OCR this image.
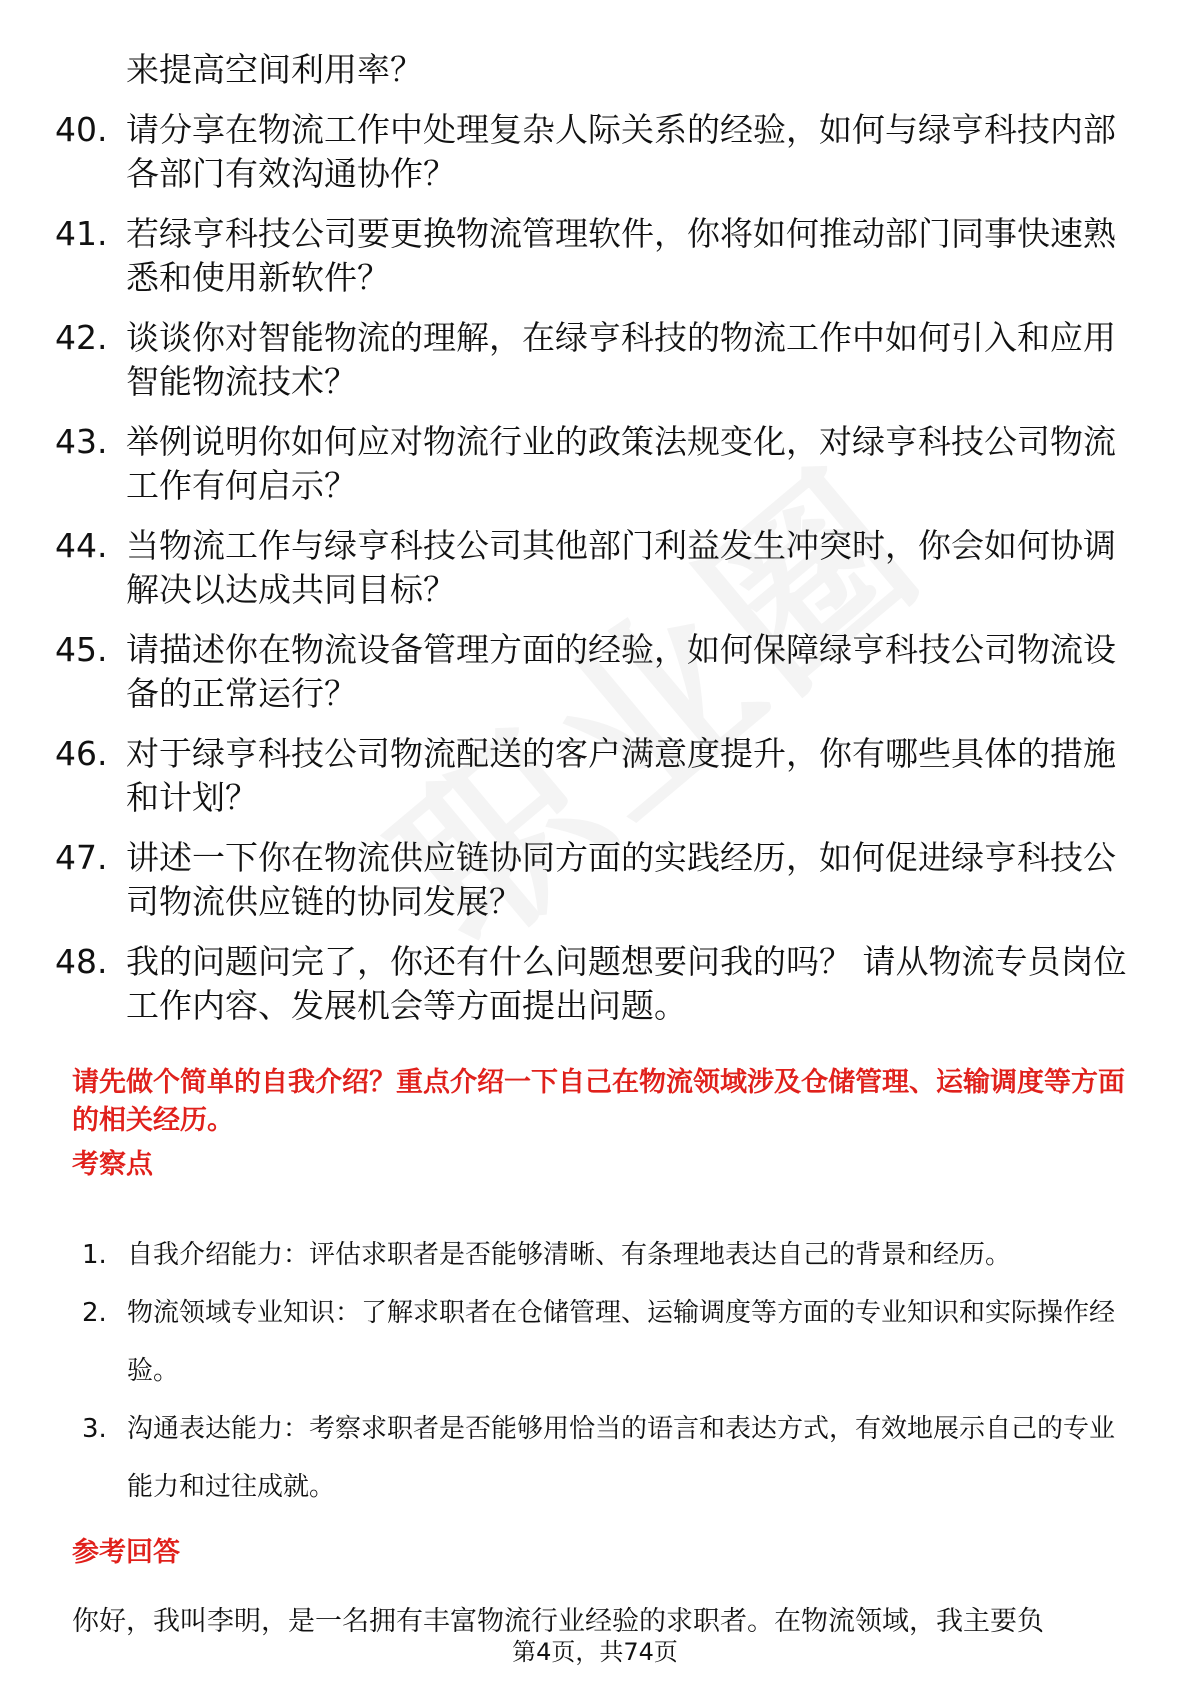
来提高空间利用率？
40. 请分享在物流工作中处理复杂人际关系的经验，如何与绿亨科技内部各部门有效沟通协作？
41. 若绿亨科技公司要更换物流管理软件，你将如何推动部门同事快速熟悉和使用新软件？
42. 谈谈你对智能物流的理解，在绿亨科技的物流工作中如何引入和应用智能物流技术？
43. 举例说明你如何应对物流行业的政策法规变化，对绿亨科技公司物流工作有何启示？
44. 当物流工作与绿亨科技公司其他部门利益发生冲突时，你会如何协调解决以达成共同目标？
45. 请描述你在物流设备管理方面的经验，如何保障绿亨科技公司物流设备的正常运行？
46. 对于绿亨科技公司物流配送的客户满意度提升，你有哪些具体的措施和计划？
47. 讲述一下你在物流供应链协同方面的实践经历，如何促进绿亨科技公司物流供应链的协同发展？
48. 我的问题问完了，你还有什么问题想要问我的吗？ 请从物流专员岗位工作内容、发展机会等方面提出问题。
请先做个简单的自我介绍？重点介绍一下自己在物流领域涉及仓储管理、运输调度等方面的相关经历。
考察点
1. 自我介绍能力：评估求职者是否能够清晰、有条理地表达自己的背景和经历。
2. 物流领域专业知识：了解求职者在仓储管理、运输调度等方面的专业知识和实际操作经验。
3. 沟通表达能力：考察求职者是否能够用恰当的语言和表达方式，有效地展示自己的专业能力和过往成就。
参考回答
你好，我叫李明，是一名拥有丰富物流行业经验的求职者。在物流领域，我主要负
第4页，共74页
